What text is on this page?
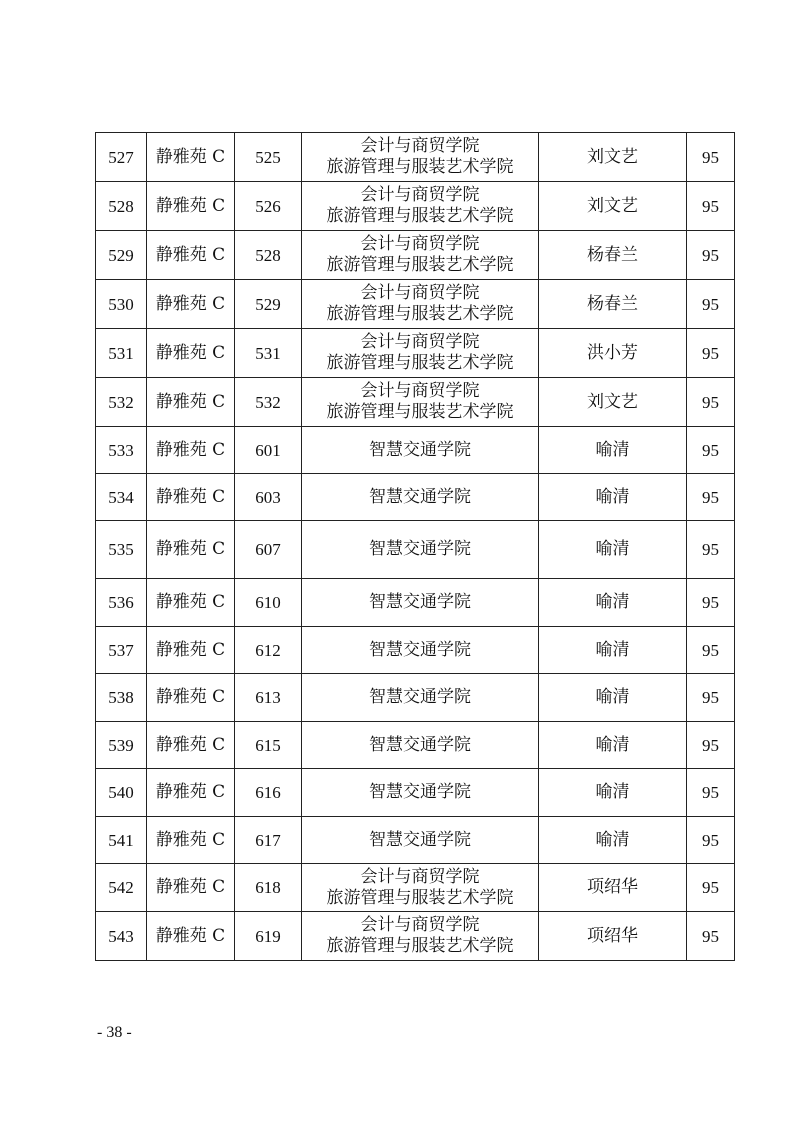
527	静雅苑 C	525	会计与商贸学院
旅游管理与服装艺术学院	刘文艺	95
528	静雅苑 C	526	会计与商贸学院
旅游管理与服装艺术学院	刘文艺	95
529	静雅苑 C	528	会计与商贸学院
旅游管理与服装艺术学院	杨春兰	95
530	静雅苑 C	529	会计与商贸学院
旅游管理与服装艺术学院	杨春兰	95
531	静雅苑 C	531	会计与商贸学院
旅游管理与服装艺术学院	洪小芳	95
532	静雅苑 C	532	会计与商贸学院
旅游管理与服装艺术学院	刘文艺	95
533	静雅苑 C	601	智慧交通学院	喻清	95
534	静雅苑 C	603	智慧交通学院	喻清	95
535	静雅苑 C	607	智慧交通学院	喻清	95
536	静雅苑 C	610	智慧交通学院	喻清	95
537	静雅苑 C	612	智慧交通学院	喻清	95
538	静雅苑 C	613	智慧交通学院	喻清	95
539	静雅苑 C	615	智慧交通学院	喻清	95
540	静雅苑 C	616	智慧交通学院	喻清	95
541	静雅苑 C	617	智慧交通学院	喻清	95
542	静雅苑 C	618	会计与商贸学院
旅游管理与服装艺术学院	项绍华	95
543	静雅苑 C	619	会计与商贸学院
旅游管理与服装艺术学院	项绍华	95
- 38 -
